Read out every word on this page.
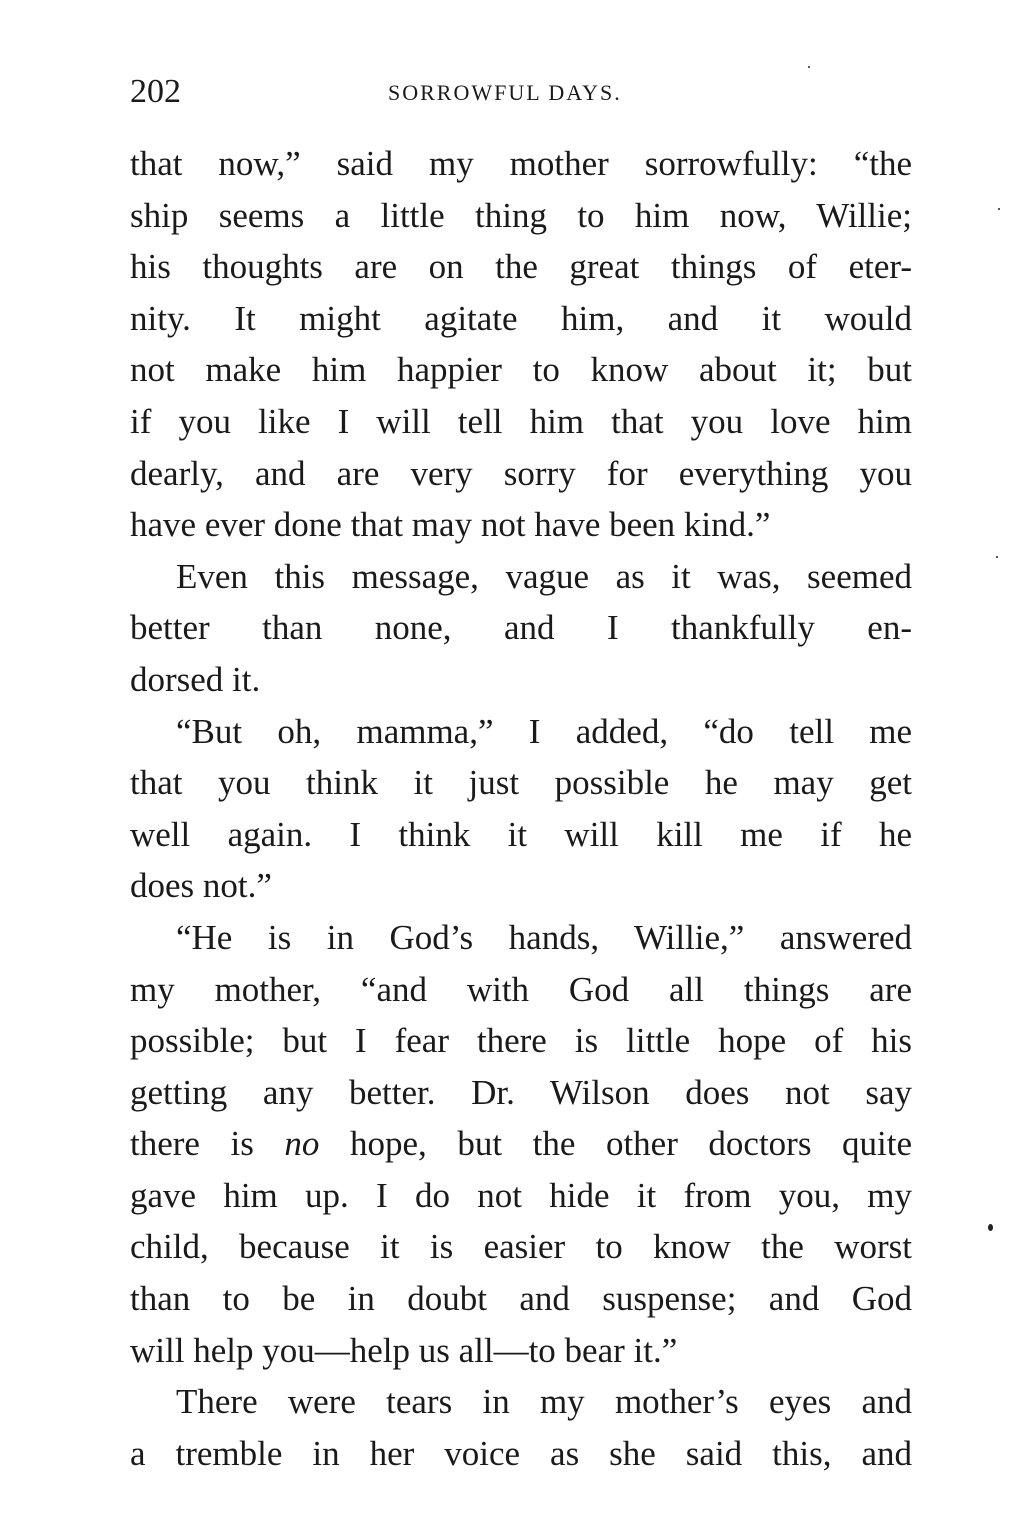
202	SORROWFUL DAYS.
that now,” said my mother sorrowfully: “the
ship seems a little thing to him now, Willie;
his thoughts are on the great things of eter-
nity. It might agitate him, and it would
not make him happier to know about it; but
if you like I will tell him that you love him
dearly, and are very sorry for everything you
have ever done that may not have been kind.”
Even this message, vague as it was, seemed
better than none, and I thankfully en-
dorsed it.
“But oh, mamma,” I added, “do tell me
that you think it just possible he may get
well again. I think it will kill me if he
does not.”
“He is in God’s hands, Willie,” answered
my mother, “and with God all things are
possible; but I fear there is little hope of his
getting any better. Dr. Wilson does not say
there is no hope, but the other doctors quite
gave him up. I do not hide it from you, my
child, because it is easier to know the worst
than to be in doubt and suspense; and God
will help you—help us all—to bear it.”
There were tears in my mother’s eyes and
a tremble in her voice as she said this, and
